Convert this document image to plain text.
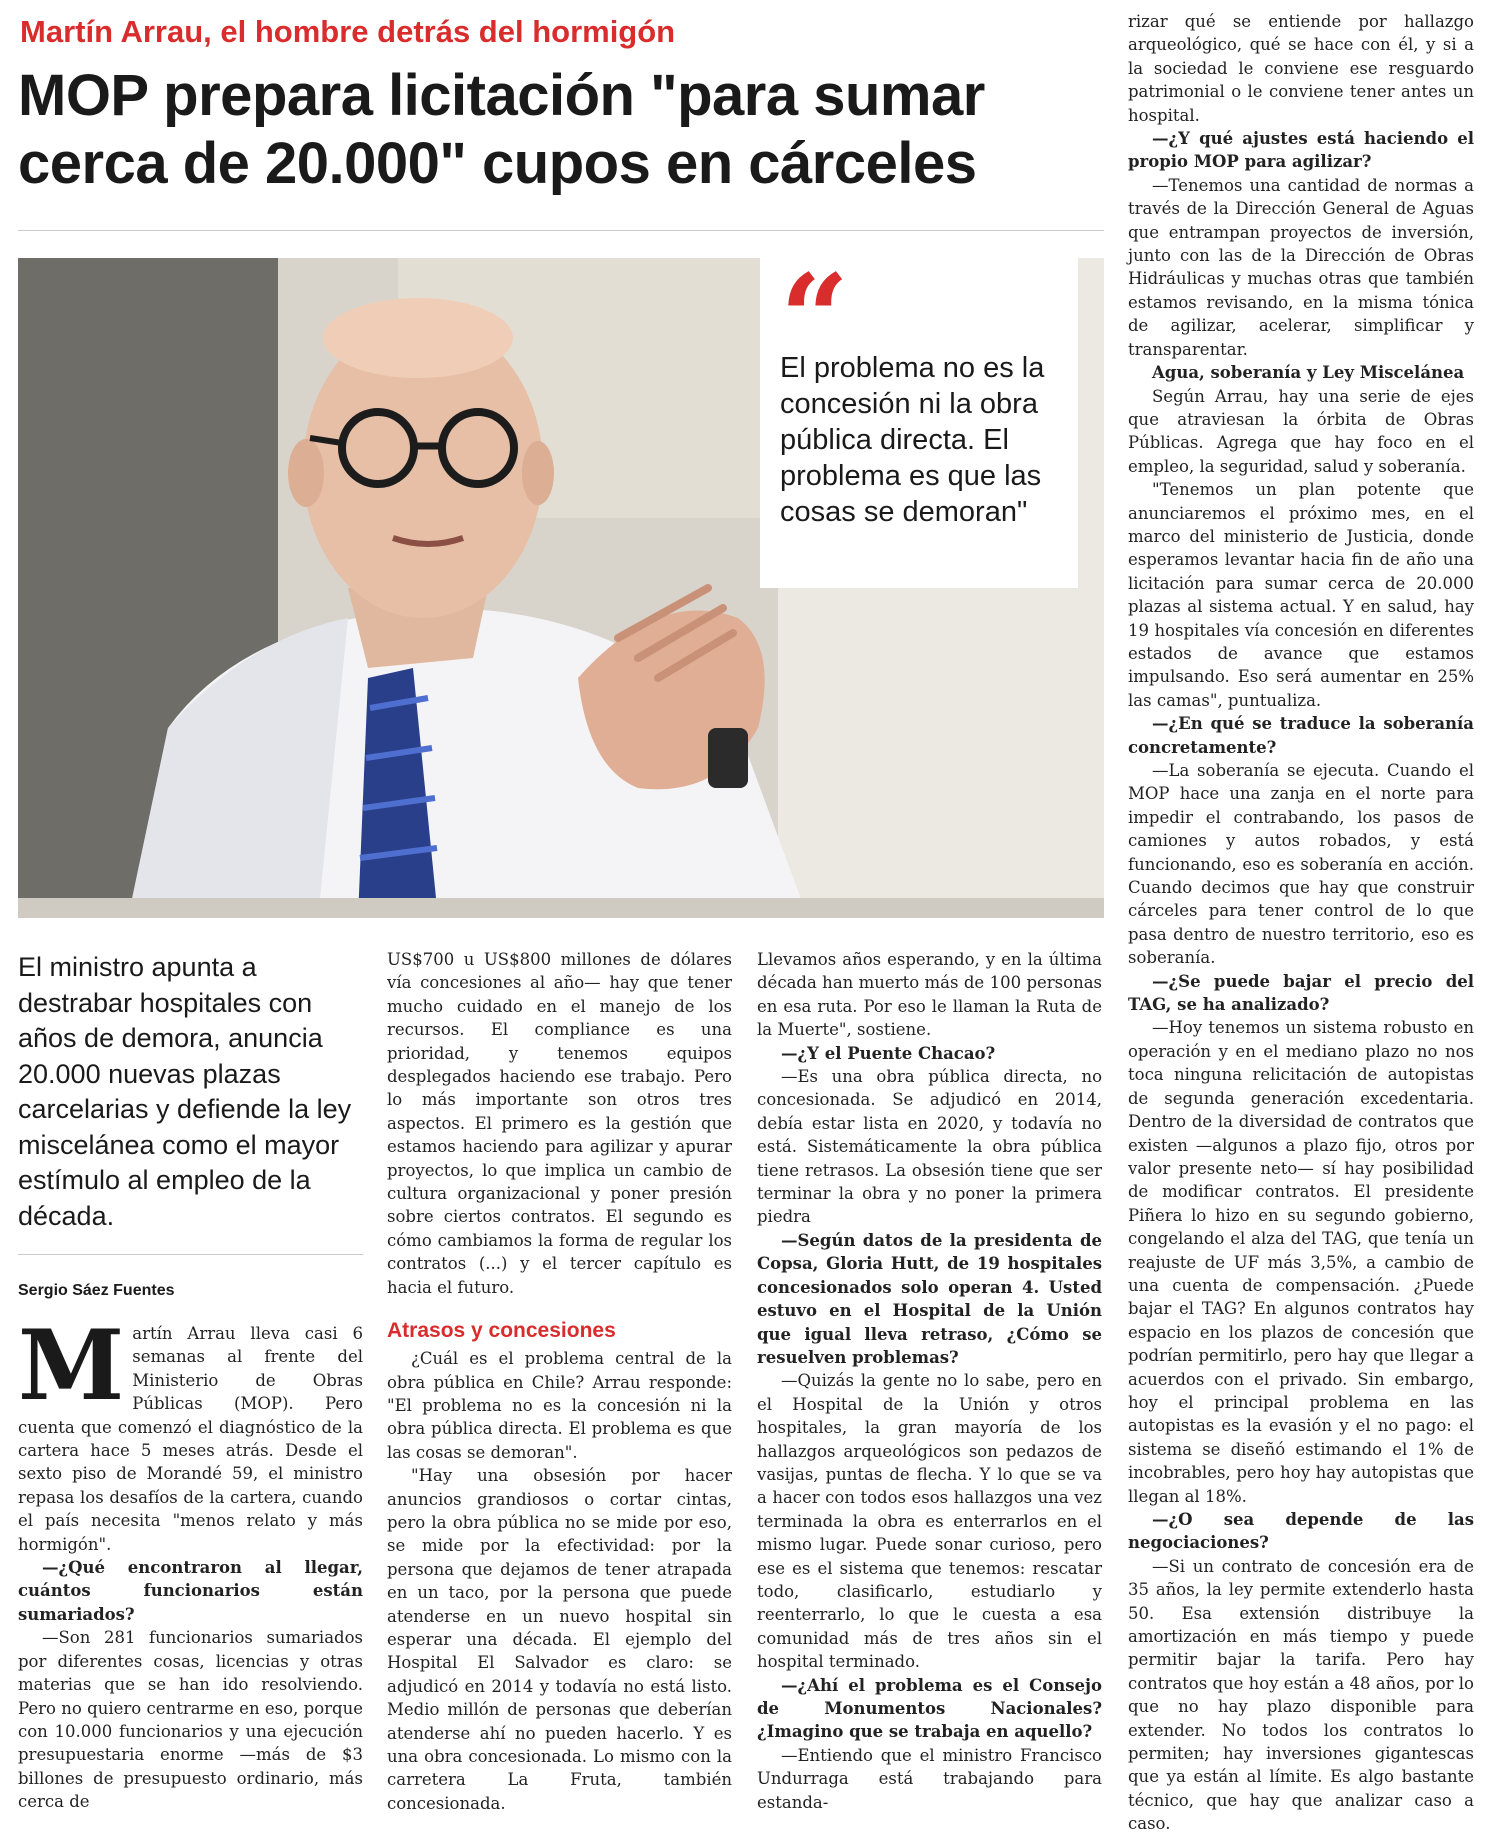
Martín Arrau, el hombre detrás del hormigón
MOP prepara licitación "para sumar cerca de 20.000" cupos en cárceles
“
El problema no es la concesión ni la obra pública directa. El problema es que las cosas se demoran"
El ministro apunta a destrabar hospitales con años de demora, anuncia 20.000 nuevas plazas carcelarias y defiende la ley miscelánea como el mayor estímulo al empleo de la década.
Sergio Sáez Fuentes

Martín Arrau lleva casi 6 semanas al frente del Ministerio de Obras Públicas (MOP). Pero cuenta que comenzó el diagnóstico de la cartera hace 5 meses atrás. Desde el sexto piso de Morandé 59, el ministro repasa los desafíos de la cartera, cuando el país necesita "menos relato y más hormigón".

—¿Qué encontraron al llegar, cuántos funcionarios están sumariados?

—Son 281 funcionarios sumariados por diferentes cosas, licencias y otras materias que se han ido resolviendo. Pero no quiero centrarme en eso, porque con 10.000 funcionarios y una ejecución presupuestaria enorme —más de $3 billones de presupuesto ordinario, más cerca de

US$700 u US$800 millones de dólares vía concesiones al año— hay que tener mucho cuidado en el manejo de los recursos. El compliance es una prioridad, y tenemos equipos desplegados haciendo ese trabajo. Pero lo más importante son otros tres aspectos. El primero es la gestión que estamos haciendo para agilizar y apurar proyectos, lo que implica un cambio de cultura organizacional y poner presión sobre ciertos contratos. El segundo es cómo cambiamos la forma de regular los contratos (...) y el tercer capítulo es hacia el futuro.

Atrasos y concesiones

¿Cuál es el problema central de la obra pública en Chile? Arrau responde: "El problema no es la concesión ni la obra pública directa. El problema es que las cosas se demoran".

"Hay una obsesión por hacer anuncios grandiosos o cortar cintas, pero la obra pública no se mide por eso, se mide por la efectividad: por la persona que dejamos de tener atrapada en un taco, por la persona que puede atenderse en un nuevo hospital sin esperar una década. El ejemplo del Hospital El Salvador es claro: se adjudicó en 2014 y todavía no está listo. Medio millón de personas que deberían atenderse ahí no pueden hacerlo. Y es una obra concesionada. Lo mismo con la carretera La Fruta, también concesionada.

Llevamos años esperando, y en la última década han muerto más de 100 personas en esa ruta. Por eso le llaman la Ruta de la Muerte", sostiene.

—¿Y el Puente Chacao?

—Es una obra pública directa, no concesionada. Se adjudicó en 2014, debía estar lista en 2020, y todavía no está. Sistemáticamente la obra pública tiene retrasos. La obsesión tiene que ser terminar la obra y no poner la primera piedra

—Según datos de la presidenta de Copsa, Gloria Hutt, de 19 hospitales concesionados solo operan 4. Usted estuvo en el Hospital de la Unión que igual lleva retraso, ¿Cómo se resuelven problemas?

—Quizás la gente no lo sabe, pero en el Hospital de la Unión y otros hospitales, la gran mayoría de los hallazgos arqueológicos son pedazos de vasijas, puntas de flecha. Y lo que se va a hacer con todos esos hallazgos una vez terminada la obra es enterrarlos en el mismo lugar. Puede sonar curioso, pero ese es el sistema que tenemos: rescatar todo, clasificarlo, estudiarlo y reenterrarlo, lo que le cuesta a esa comunidad más de tres años sin el hospital terminado.

—¿Ahí el problema es el Consejo de Monumentos Nacionales? ¿Imagino que se trabaja en aquello?

—Entiendo que el ministro Francisco Undurraga está trabajando para estanda-

rizar qué se entiende por hallazgo arqueológico, qué se hace con él, y si a la sociedad le conviene ese resguardo patrimonial o le conviene tener antes un hospital.

—¿Y qué ajustes está haciendo el propio MOP para agilizar?

—Tenemos una cantidad de normas a través de la Dirección General de Aguas que entrampan proyectos de inversión, junto con las de la Dirección de Obras Hidráulicas y muchas otras que también estamos revisando, en la misma tónica de agilizar, acelerar, simplificar y transparentar.

Agua, soberanía y Ley Miscelánea

Según Arrau, hay una serie de ejes que atraviesan la órbita de Obras Públicas. Agrega que hay foco en el empleo, la seguridad, salud y soberanía.

"Tenemos un plan potente que anunciaremos el próximo mes, en el marco del ministerio de Justicia, donde esperamos levantar hacia fin de año una licitación para sumar cerca de 20.000 plazas al sistema actual. Y en salud, hay 19 hospitales vía concesión en diferentes estados de avance que estamos impulsando. Eso será aumentar en 25% las camas", puntualiza.

—¿En qué se traduce la soberanía concretamente?

—La soberanía se ejecuta. Cuando el MOP hace una zanja en el norte para impedir el contrabando, los pasos de camiones y autos robados, y está funcionando, eso es soberanía en acción. Cuando decimos que hay que construir cárceles para tener control de lo que pasa dentro de nuestro territorio, eso es soberanía.

—¿Se puede bajar el precio del TAG, se ha analizado?

—Hoy tenemos un sistema robusto en operación y en el mediano plazo no nos toca ninguna relicitación de autopistas de segunda generación excedentaria. Dentro de la diversidad de contratos que existen —algunos a plazo fijo, otros por valor presente neto— sí hay posibilidad de modificar contratos. El presidente Piñera lo hizo en su segundo gobierno, congelando el alza del TAG, que tenía un reajuste de UF más 3,5%, a cambio de una cuenta de compensación. ¿Puede bajar el TAG? En algunos contratos hay espacio en los plazos de concesión que podrían permitirlo, pero hay que llegar a acuerdos con el privado. Sin embargo, hoy el principal problema en las autopistas es la evasión y el no pago: el sistema se diseñó estimando el 1% de incobrables, pero hoy hay autopistas que llegan al 18%.

—¿O sea depende de las negociaciones?

—Si un contrato de concesión era de 35 años, la ley permite extenderlo hasta 50. Esa extensión distribuye la amortización en más tiempo y puede permitir bajar la tarifa. Pero hay contratos que hoy están a 48 años, por lo que no hay plazo disponible para extender. No todos los contratos lo permiten; hay inversiones gigantescas que ya están al límite. Es algo bastante técnico, que hay que analizar caso a caso.
